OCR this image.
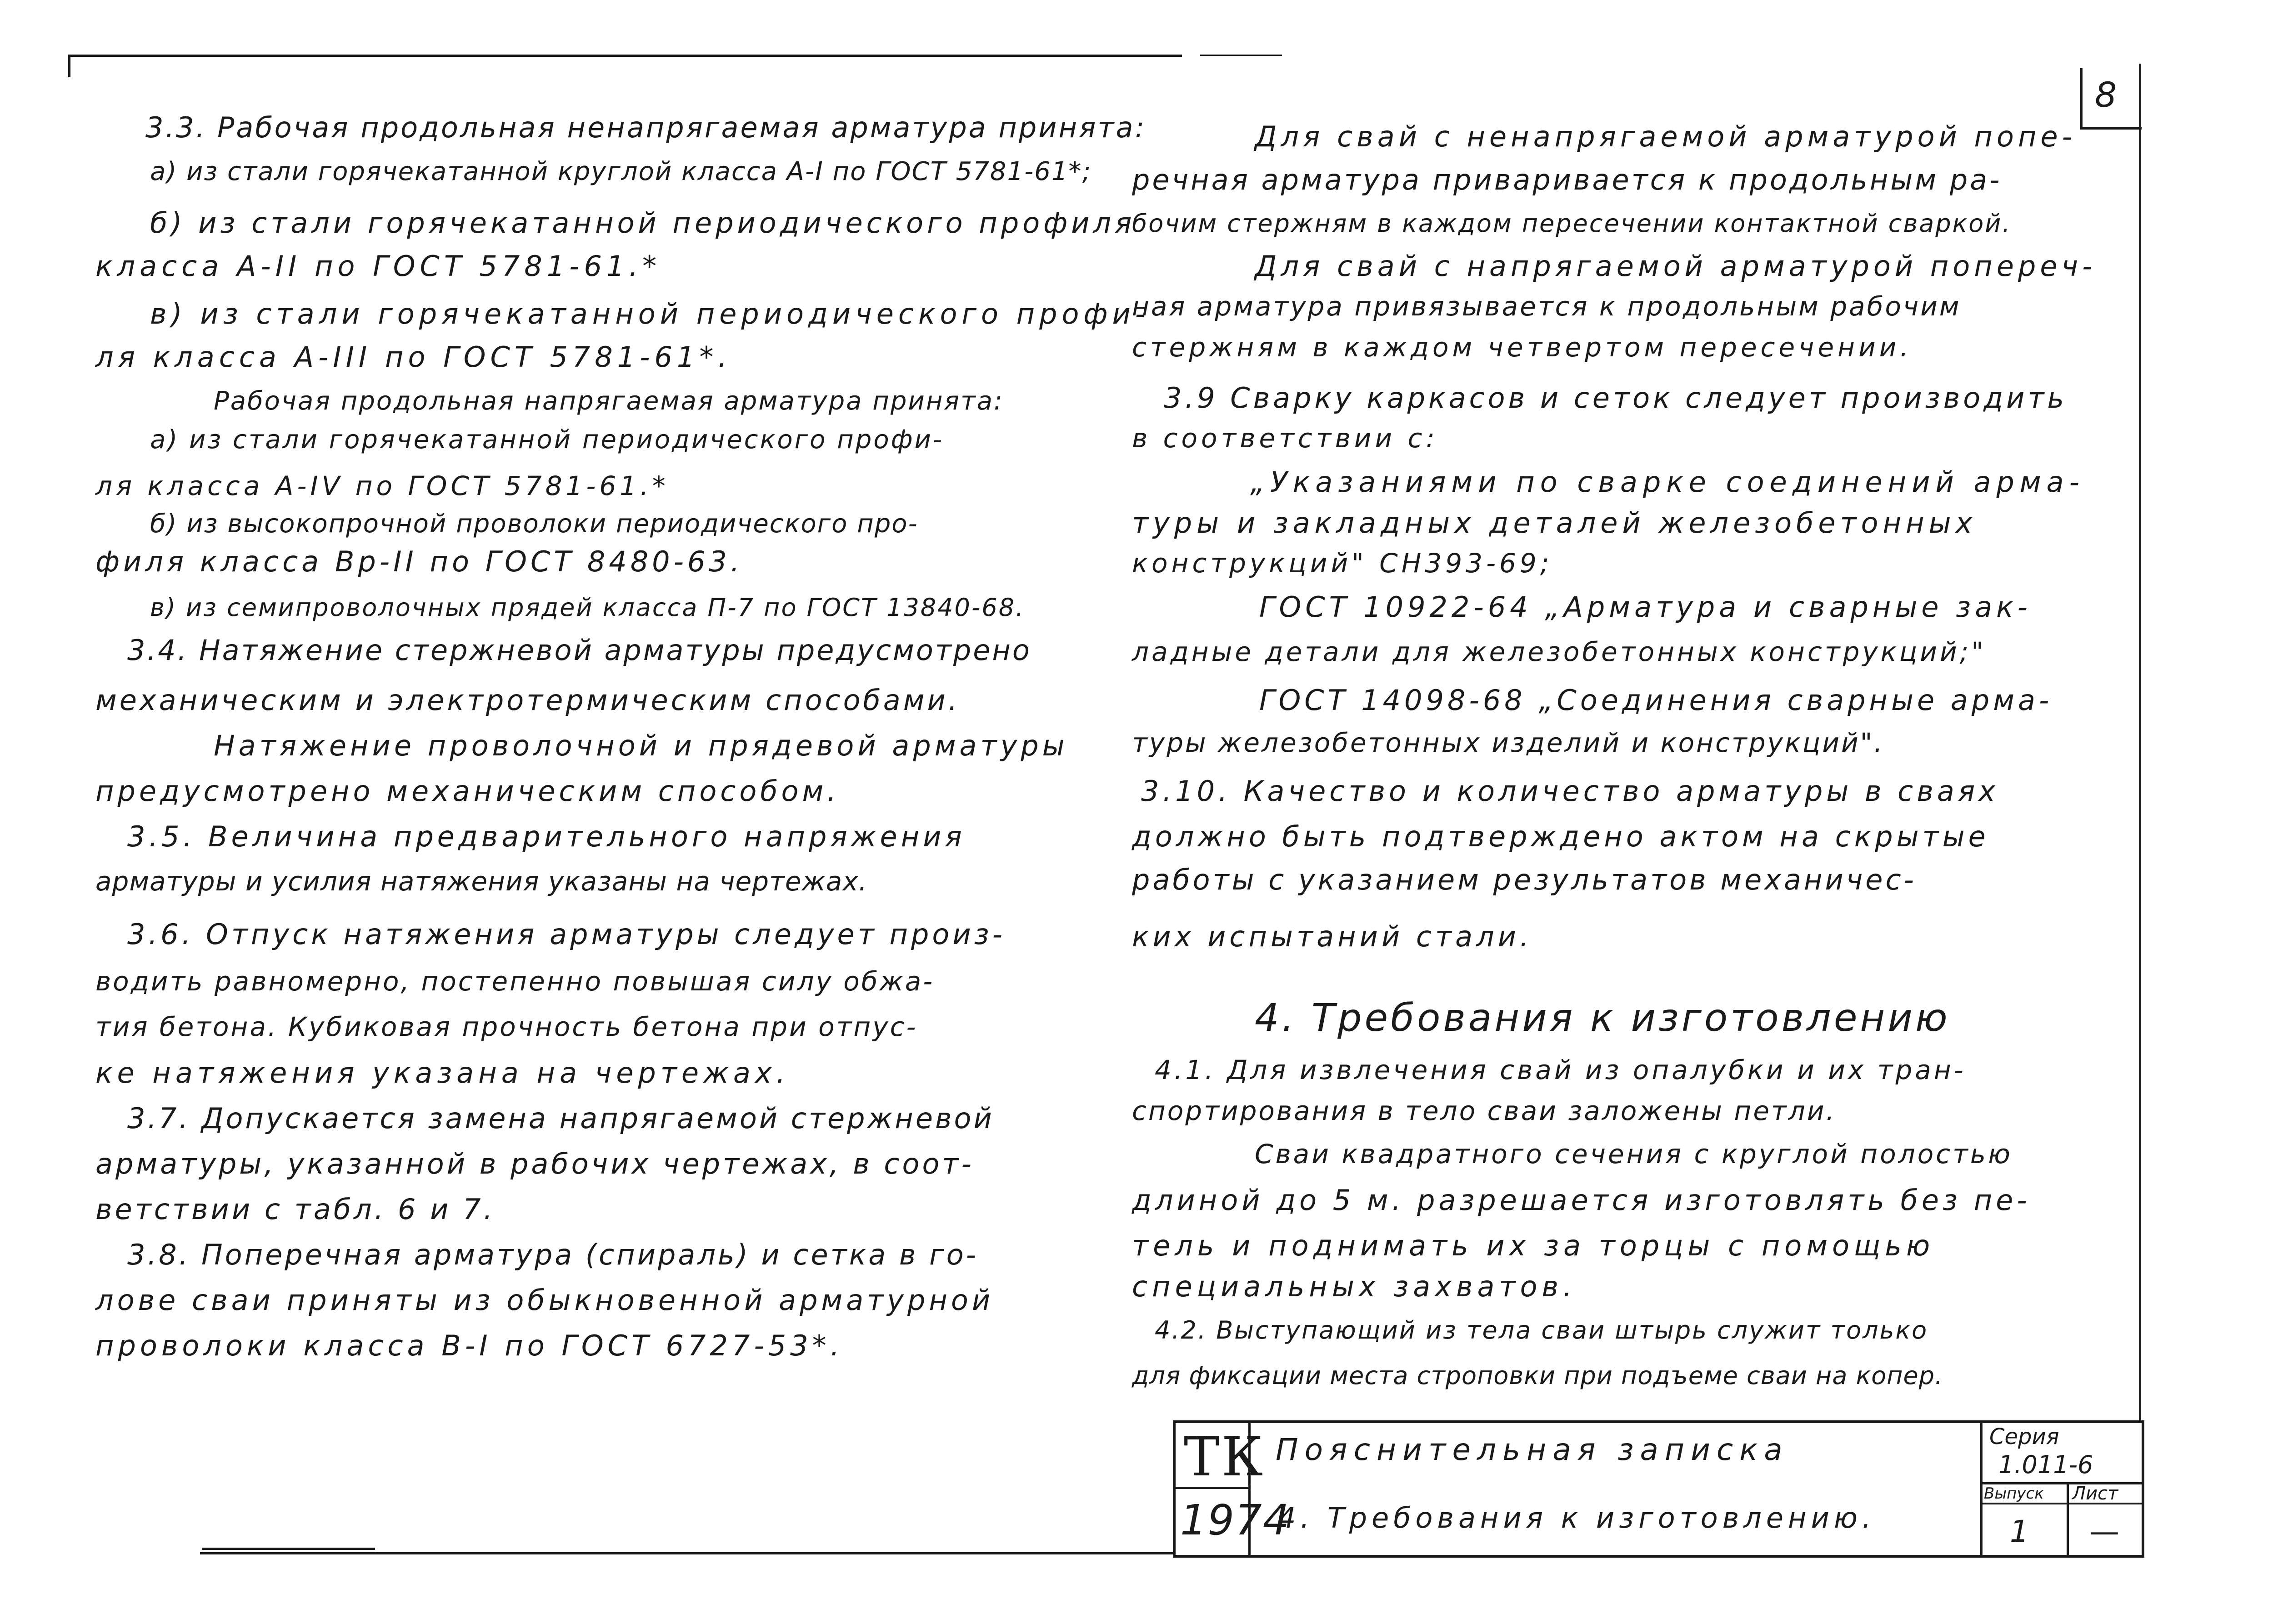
8
3.3. Рабочая продольная ненапрягаемая арматура принята:
а) из стали горячекатанной круглой класса А-I по ГОСТ 5781-61*;
б) из стали горячекатанной периодического профиля
класса А-II по ГОСТ 5781-61.*
в) из стали горячекатанной периодического профи-
ля класса А-III по ГОСТ 5781-61*.
Рабочая продольная напрягаемая арматура принята:
а) из стали горячекатанной периодического профи-
ля класса А-IV по ГОСТ 5781-61.*
б) из высокопрочной проволоки периодического про-
филя класса Вр-II по ГОСТ 8480-63.
в) из семипроволочных прядей класса П-7 по ГОСТ 13840-68.
3.4. Натяжение стержневой арматуры предусмотрено
механическим и электротермическим способами.
Натяжение проволочной и прядевой арматуры
предусмотрено механическим способом.
3.5. Величина предварительного напряжения
арматуры и усилия натяжения указаны на чертежах.
3.6. Отпуск натяжения арматуры следует произ-
водить равномерно, постепенно повышая силу обжа-
тия бетона. Кубиковая прочность бетона при отпус-
ке натяжения указана на чертежах.
3.7. Допускается замена напрягаемой стержневой
арматуры, указанной в рабочих чертежах, в соот-
ветствии с табл. 6 и 7.
3.8. Поперечная арматура (спираль) и сетка в го-
лове сваи приняты из обыкновенной арматурной
проволоки класса В-I по ГОСТ 6727-53*.
Для свай с ненапрягаемой арматурой попе-
речная арматура приваривается к продольным ра-
бочим стержням в каждом пересечении контактной сваркой.
Для свай с напрягаемой арматурой попереч-
ная арматура привязывается к продольным рабочим
стержням в каждом четвертом пересечении.
3.9 Сварку каркасов и сеток следует производить
в соответствии с:
„Указаниями по сварке соединений арма-
туры и закладных деталей железобетонных
конструкций" СН393-69;
ГОСТ 10922-64 „Арматура и сварные зак-
ладные детали для железобетонных конструкций;"
ГОСТ 14098-68 „Соединения сварные арма-
туры железобетонных изделий и конструкций".
3.10. Качество и количество арматуры в сваях
должно быть подтверждено актом на скрытые
работы с указанием результатов механичес-
ких испытаний стали.
4. Требования к изготовлению
4.1. Для извлечения свай из опалубки и их тран-
спортирования в тело сваи заложены петли.
Сваи квадратного сечения с круглой полостью
длиной до 5 м. разрешается изготовлять без пе-
тель и поднимать их за торцы с помощью
специальных захватов.
4.2. Выступающий из тела сваи штырь служит только
для фиксации места строповки при подъеме сваи на копер.
ТК
1974
Пояснительная записка
4. Требования к изготовлению.
Серия
1.011-6
Выпуск Лист
1 —
